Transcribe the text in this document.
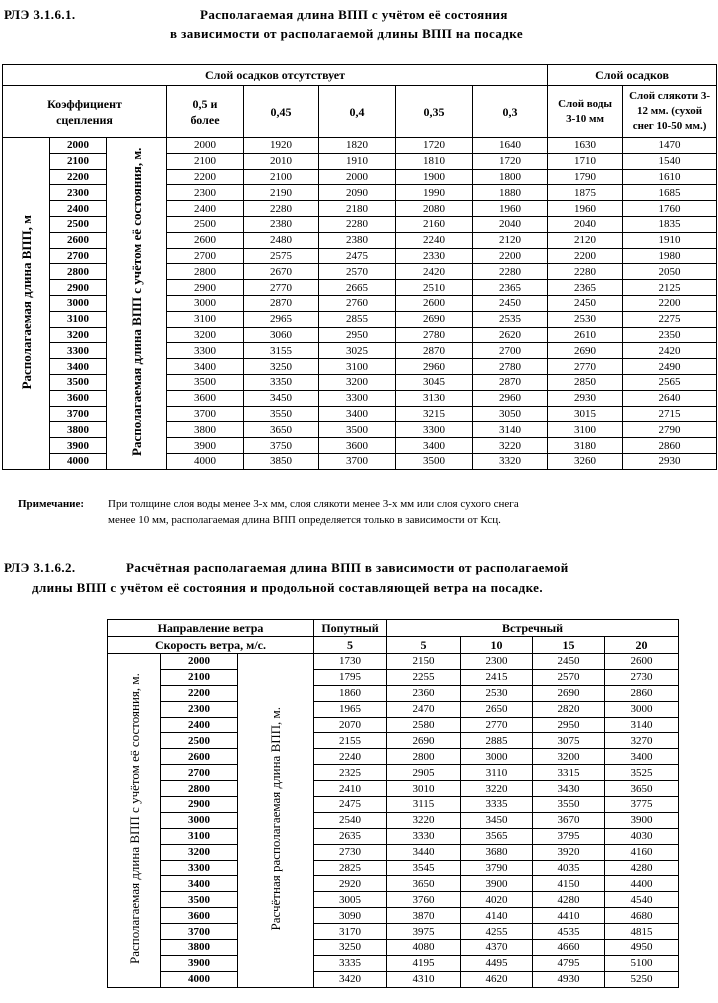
РЛЭ 3.1.6.1.	Располагаемая длина ВПП с учётом её состояния
в зависимости от располагаемой длины ВПП на посадке
Слой осадков отсутствует								Слой осадков	
Коэффициент сцепления			0,5 и более	0,45	0,4	0,35	0,3	Слой воды 3-10 мм	Слой слякоти 3-12 мм. (сухой снег 10-50 мм.)
Располагаемая длина ВПП, м	2000	Располагаемая длина ВПП с учётом её состояния, м.	2000	1920	1820	1720	1640	1630	1470
	2100		2100	2010	1910	1810	1720	1710	1540
	2200		2200	2100	2000	1900	1800	1790	1610
	2300		2300	2190	2090	1990	1880	1875	1685
	2400		2400	2280	2180	2080	1960	1960	1760
	2500		2500	2380	2280	2160	2040	2040	1835
	2600		2600	2480	2380	2240	2120	2120	1910
	2700		2700	2575	2475	2330	2200	2200	1980
	2800		2800	2670	2570	2420	2280	2280	2050
	2900		2900	2770	2665	2510	2365	2365	2125
	3000		3000	2870	2760	2600	2450	2450	2200
	3100		3100	2965	2855	2690	2535	2530	2275
	3200		3200	3060	2950	2780	2620	2610	2350
	3300		3300	3155	3025	2870	2700	2690	2420
	3400		3400	3250	3100	2960	2780	2770	2490
	3500		3500	3350	3200	3045	2870	2850	2565
	3600		3600	3450	3300	3130	2960	2930	2640
	3700		3700	3550	3400	3215	3050	3015	2715
	3800		3800	3650	3500	3300	3140	3100	2790
	3900		3900	3750	3600	3400	3220	3180	2860
	4000		4000	3850	3700	3500	3320	3260	2930
Примечание: При толщине слоя воды менее 3-х мм, слоя слякоти менее 3-х мм или слоя сухого снега
менее 10 мм, располагаемая длина ВПП определяется только в зависимости от Ксц.
РЛЭ 3.1.6.2.	Расчётная располагаемая длина ВПП в зависимости от располагаемой
длины ВПП с учётом её состояния и продольной составляющей ветра на посадке.
Направление ветра			Попутный	Встречный			
Скорость ветра, м/с.			5	5	10	15	20
Располагаемая длина ВПП с учётом её состояния, м.	2000	Расчётная располагаемая длина ВПП, м.	1730	2150	2300	2450	2600
	2100		1795	2255	2415	2570	2730
	2200		1860	2360	2530	2690	2860
	2300		1965	2470	2650	2820	3000
	2400		2070	2580	2770	2950	3140
	2500		2155	2690	2885	3075	3270
	2600		2240	2800	3000	3200	3400
	2700		2325	2905	3110	3315	3525
	2800		2410	3010	3220	3430	3650
	2900		2475	3115	3335	3550	3775
	3000		2540	3220	3450	3670	3900
	3100		2635	3330	3565	3795	4030
	3200		2730	3440	3680	3920	4160
	3300		2825	3545	3790	4035	4280
	3400		2920	3650	3900	4150	4400
	3500		3005	3760	4020	4280	4540
	3600		3090	3870	4140	4410	4680
	3700		3170	3975	4255	4535	4815
	3800		3250	4080	4370	4660	4950
	3900		3335	4195	4495	4795	5100
	4000		3420	4310	4620	4930	5250
